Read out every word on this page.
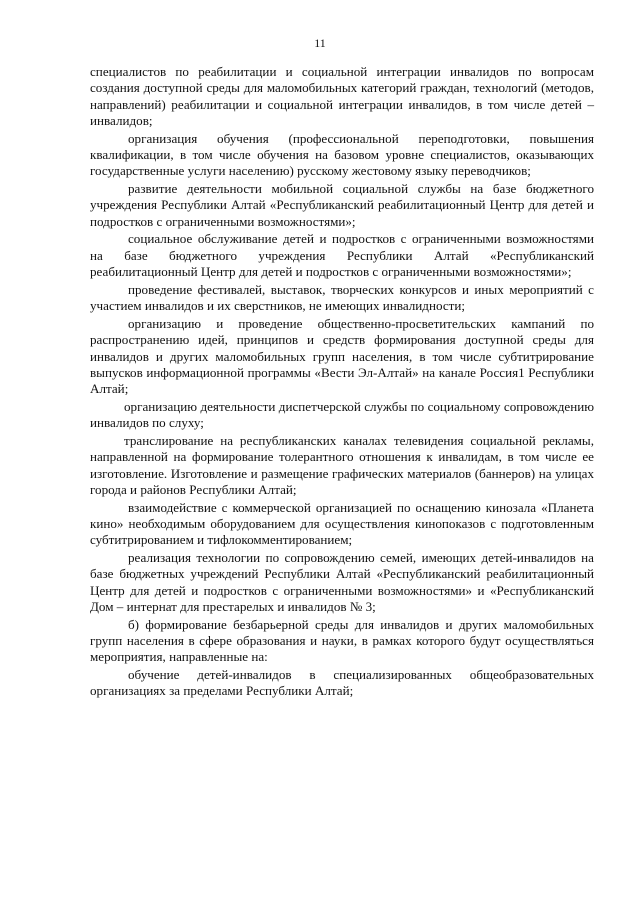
11

специалистов по реабилитации и социальной интеграции инвалидов по вопросам создания доступной среды для маломобильных категорий граждан, технологий (методов, направлений) реабилитации и социальной интеграции инвалидов, в том числе детей – инвалидов;

организация обучения (профессиональной переподготовки, повышения квалификации, в том числе обучения на базовом уровне специалистов, оказывающих государственные услуги населению) русскому жестовому языку переводчиков;

развитие деятельности мобильной социальной службы на базе бюджетного учреждения Республики Алтай «Республиканский реабилитационный Центр для детей и подростков с ограниченными возможностями»;

социальное обслуживание детей и подростков с ограниченными возможностями на базе бюджетного учреждения Республики Алтай «Республиканский реабилитационный Центр для детей и подростков с ограниченными возможностями»;

проведение фестивалей, выставок, творческих конкурсов и иных мероприятий с участием инвалидов и их сверстников, не имеющих инвалидности;

организацию и проведение общественно-просветительских кампаний по распространению идей, принципов и средств формирования доступной среды для инвалидов и других маломобильных групп населения, в том числе субтитрирование выпусков информационной программы «Вести Эл-Алтай» на канале Россия1 Республики Алтай;

организацию деятельности диспетчерской службы по социальному сопровождению инвалидов по слуху;

транслирование на республиканских каналах телевидения социальной рекламы, направленной на формирование толерантного отношения к инвалидам, в том числе ее изготовление. Изготовление и размещение графических материалов (баннеров) на улицах города и районов Республики Алтай;

взаимодействие с коммерческой организацией по оснащению кинозала «Планета кино» необходимым оборудованием для осуществления кинопоказов с подготовленным субтитрированием и тифлокомментированием;

реализация технологии по сопровождению семей, имеющих детей-инвалидов на базе бюджетных учреждений Республики Алтай «Республиканский реабилитационный Центр для детей и подростков с ограниченными возможностями» и «Республиканский Дом – интернат для престарелых и инвалидов № 3;

б) формирование безбарьерной среды для инвалидов и других маломобильных групп населения в сфере образования и науки, в рамках которого будут осуществляться мероприятия, направленные на:

обучение детей-инвалидов в специализированных общеобразовательных организациях за пределами Республики Алтай;
